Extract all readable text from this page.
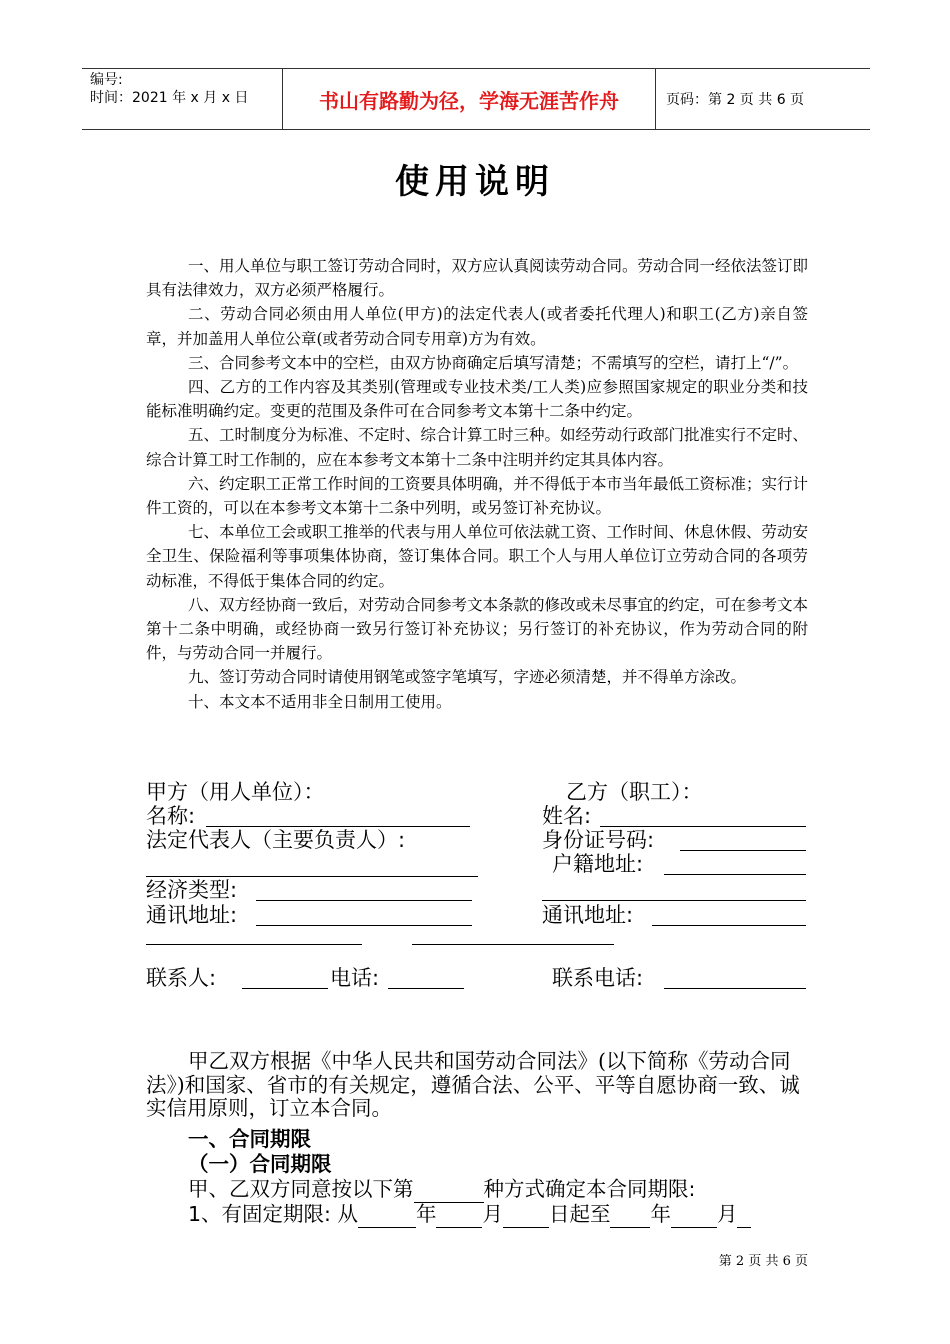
编号:
时间：2021 年 x 月 x 日	书山有路勤为径，学海无涯苦作舟	页码：第 2 页 共 6 页
使用说明

一、用人单位与职工签订劳动合同时，双方应认真阅读劳动合同。劳动合同一经依法签订即具有法律效力，双方必须严格履行。

二、劳动合同必须由用人单位(甲方)的法定代表人(或者委托代理人)和职工(乙方)亲自签章，并加盖用人单位公章(或者劳动合同专用章)方为有效。

三、合同参考文本中的空栏，由双方协商确定后填写清楚；不需填写的空栏，请打上“/”。

四、乙方的工作内容及其类别(管理或专业技术类/工人类)应参照国家规定的职业分类和技能标准明确约定。变更的范围及条件可在合同参考文本第十二条中约定。

五、工时制度分为标准、不定时、综合计算工时三种。如经劳动行政部门批准实行不定时、综合计算工时工作制的，应在本参考文本第十二条中注明并约定其具体内容。

六、约定职工正常工作时间的工资要具体明确，并不得低于本市当年最低工资标准；实行计件工资的，可以在本参考文本第十二条中列明，或另签订补充协议。

七、本单位工会或职工推举的代表与用人单位可依法就工资、工作时间、休息休假、劳动安全卫生、保险福利等事项集体协商，签订集体合同。职工个人与用人单位订立劳动合同的各项劳动标准，不得低于集体合同的约定。

八、双方经协商一致后，对劳动合同参考文本条款的修改或未尽事宜的约定，可在参考文本第十二条中明确，或经协商一致另行签订补充协议；另行签订的补充协议，作为劳动合同的附件，与劳动合同一并履行。

九、签订劳动合同时请使用钢笔或签字笔填写，字迹必须清楚，并不得单方涂改。

十、本文本不适用非全日制用工使用。

甲方（用人单位）：
名称:
法定代表人（主要负责人）:
经济类型:
通讯地址:
联系人:	电话:
乙方（职工）：
姓名:
身份证号码:
户籍地址:
通讯地址:
联系电话:

甲乙双方根据《中华人民共和国劳动合同法》(以下简称《劳动合同法》)和国家、省市的有关规定，遵循合法、公平、平等自愿协商一致、诚实信用原则，订立本合同。

一、合同期限
（一）合同期限
甲、乙双方同意按以下第	种方式确定本合同期限:
1、有固定期限: 从	年 月 日起至 年 月
第 2 页 共 6 页
